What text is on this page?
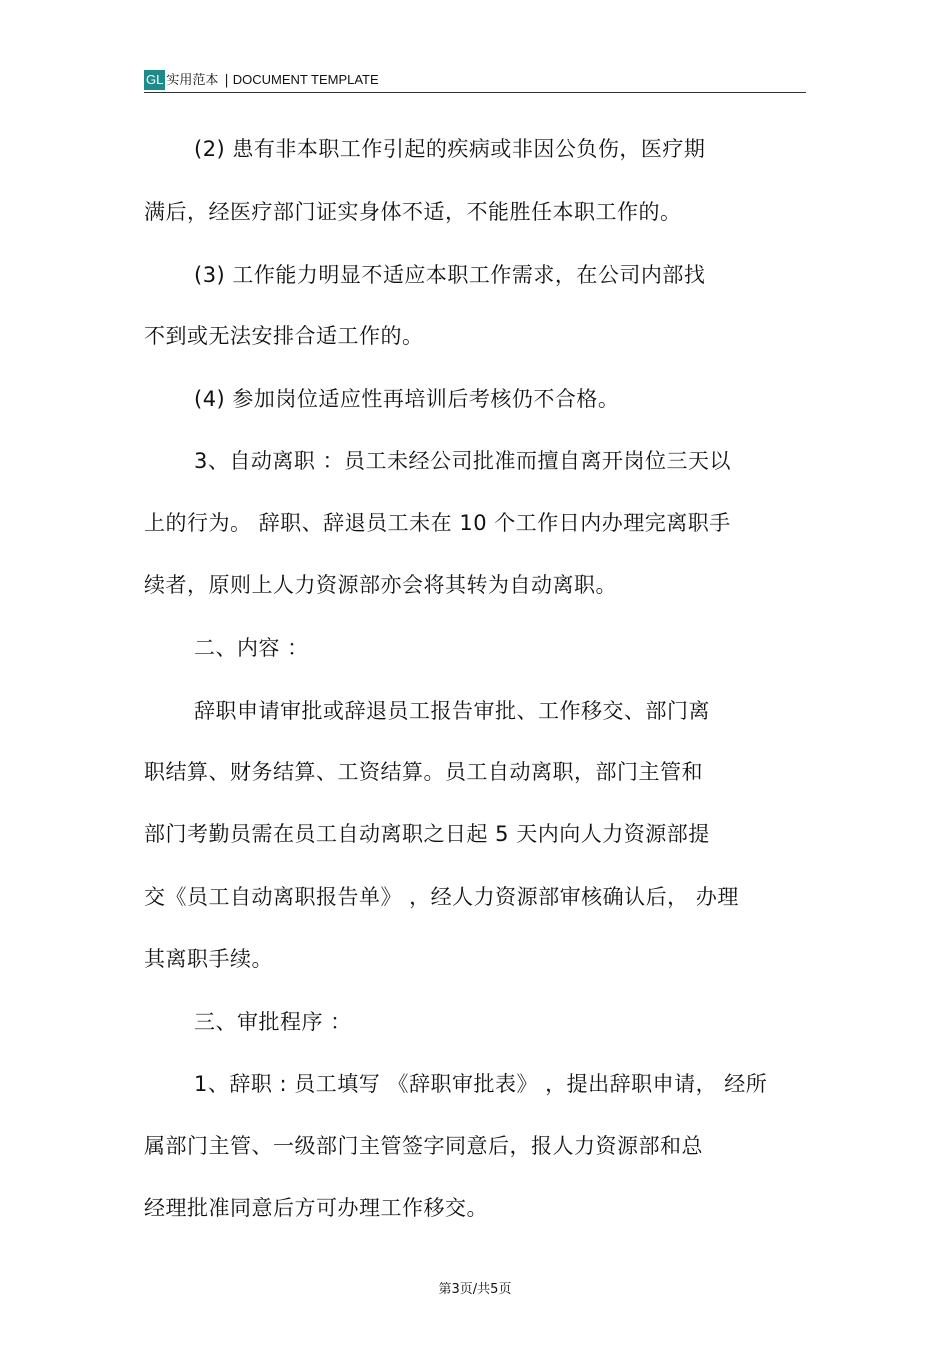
GL 实用范本 | DOCUMENT TEMPLATE
(2) 患有非本职工作引起的疾病或非因公负伤，医疗期
满后，经医疗部门证实身体不适，不能胜任本职工作的。
(3) 工作能力明显不适应本职工作需求，在公司内部找
不到或无法安排合适工作的。
(4) 参加岗位适应性再培训后考核仍不合格。
3、自动离职 ：员工未经公司批准而擅自离开岗位三天以
上的行为。 辞职、辞退员工未在 10 个工作日内办理完离职手
续者，原则上人力资源部亦会将其转为自动离职。
二、内容 ：
辞职申请审批或辞退员工报告审批、工作移交、部门离
职结算、财务结算、工资结算。员工自动离职，部门主管和
部门考勤员需在员工自动离职之日起 5 天内向人力资源部提
交《员工自动离职报告单》 ，经人力资源部审核确认后， 办理
其离职手续。
三、审批程序 ：
1、辞职 : 员工填写 《辞职审批表》 ，提出辞职申请， 经所
属部门主管、一级部门主管签字同意后，报人力资源部和总
经理批准同意后方可办理工作移交。
第3页/共5页
